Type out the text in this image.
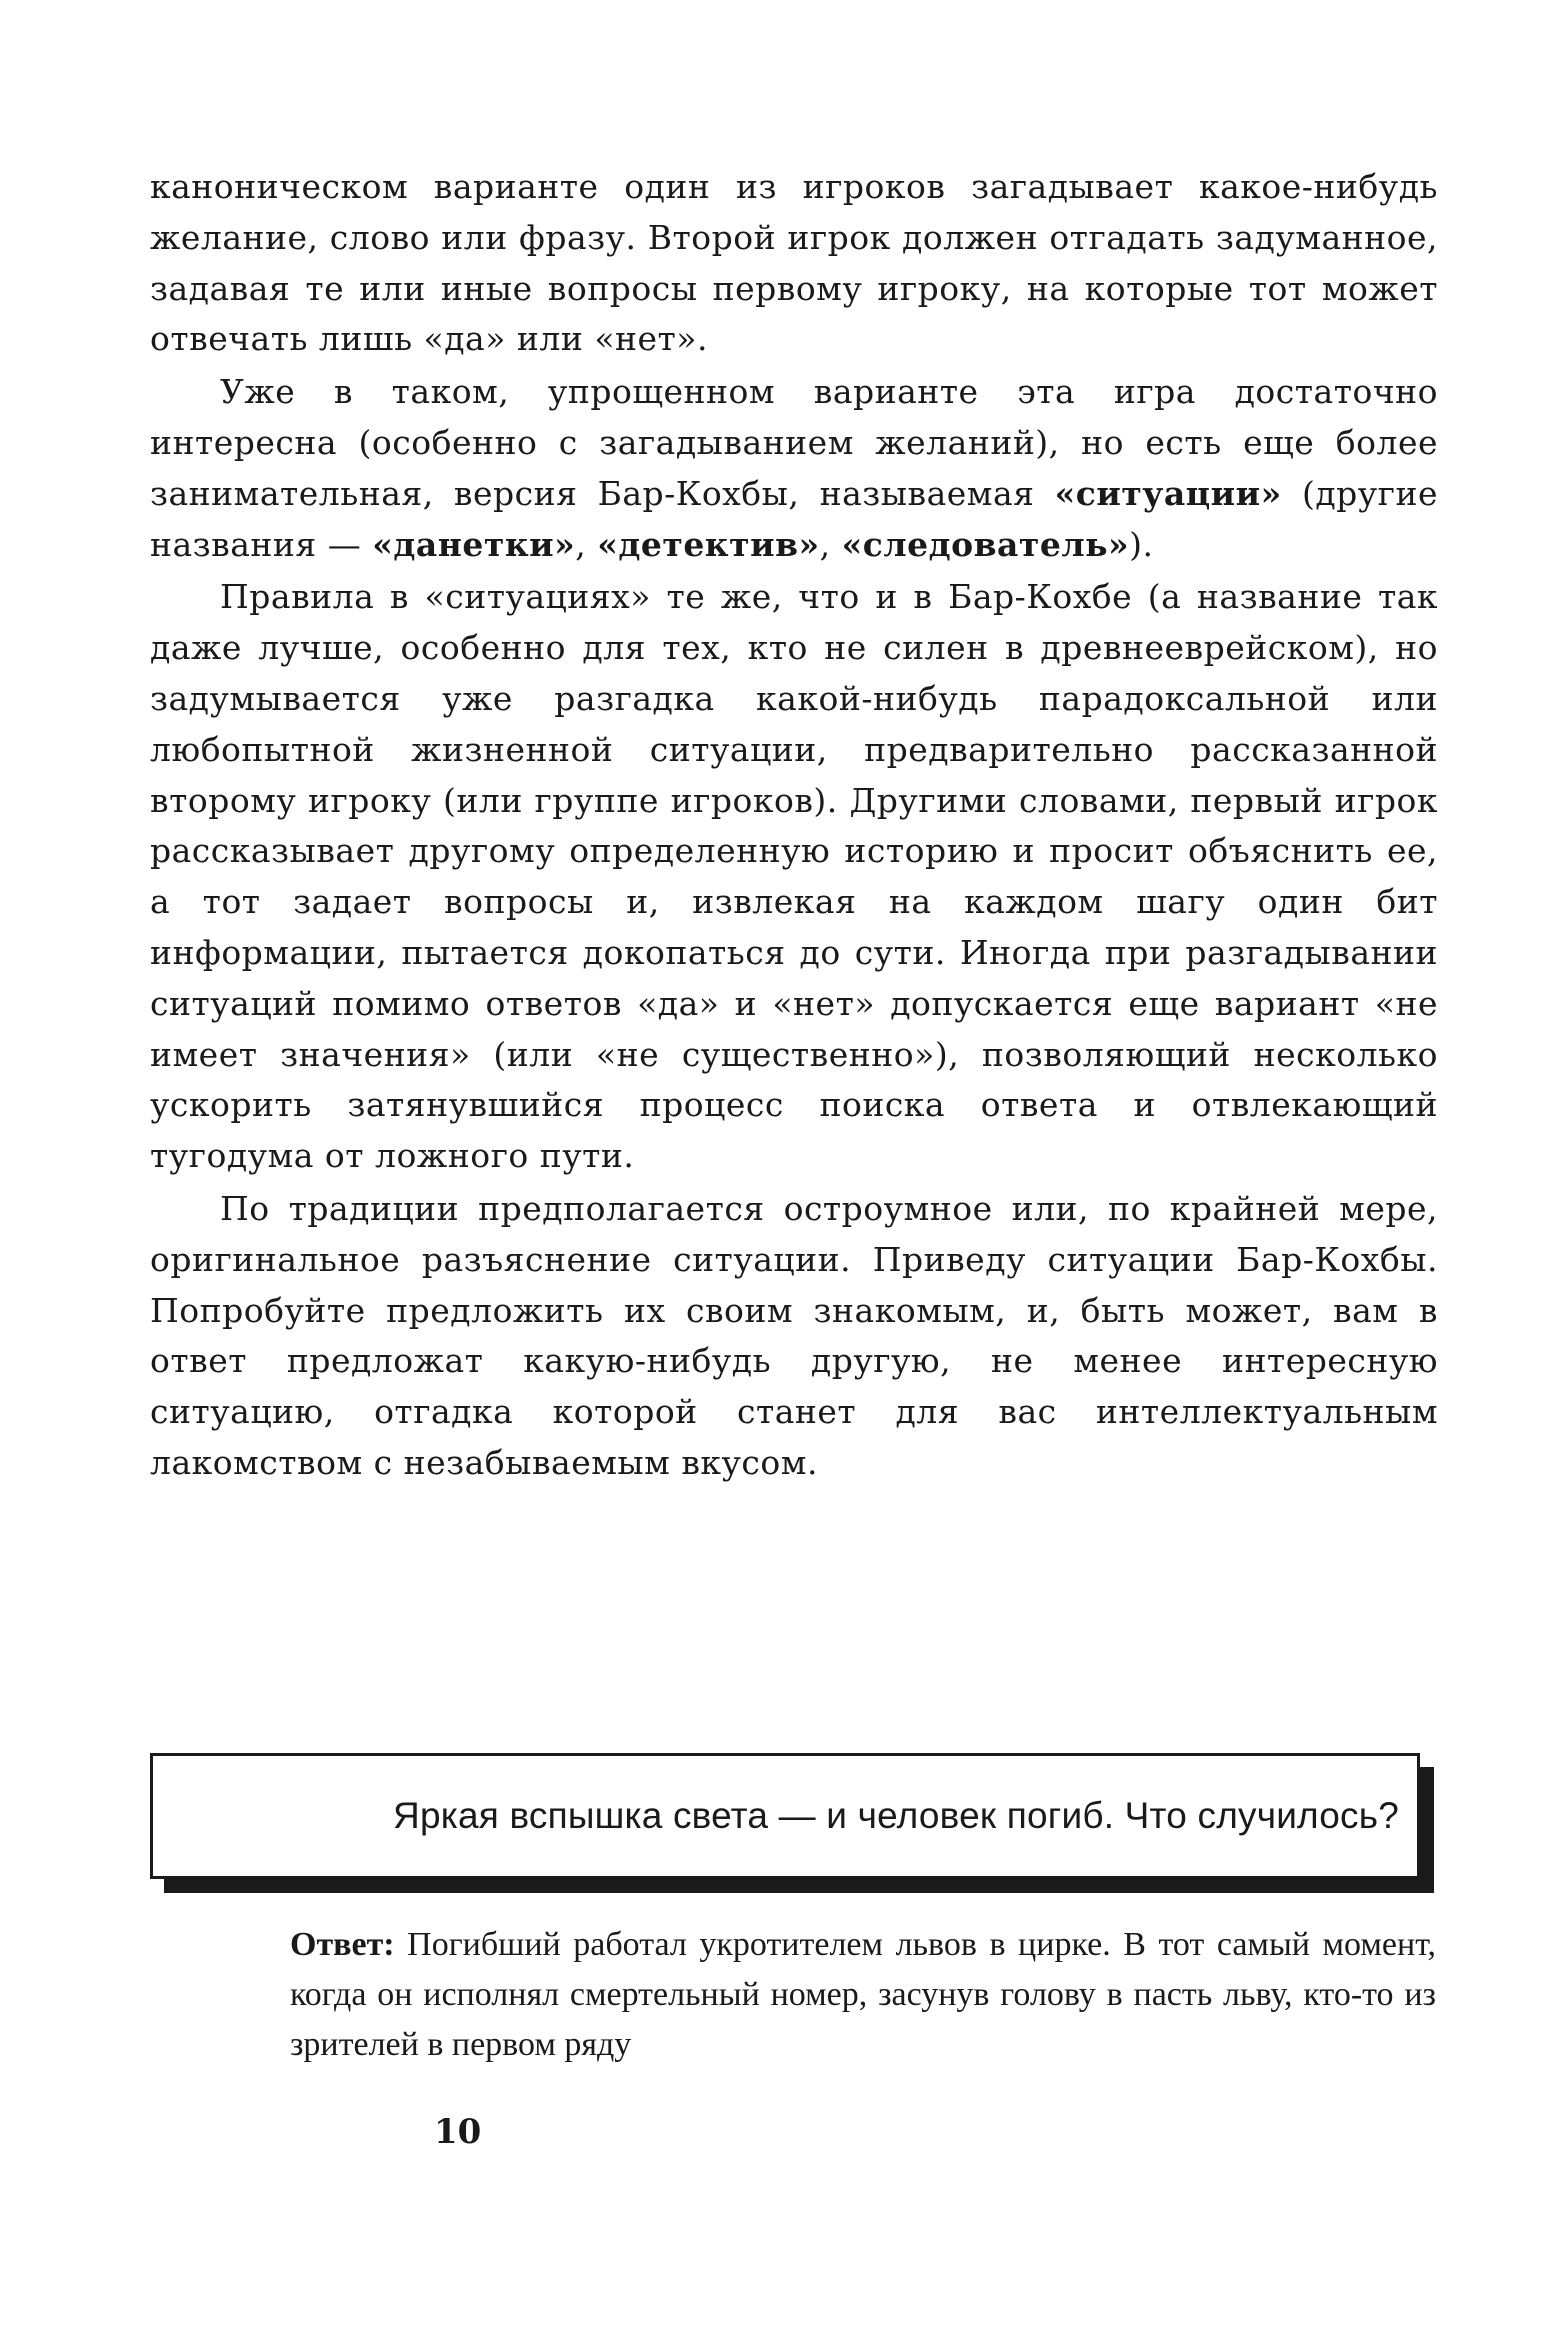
каноническом варианте один из игроков загадывает какое-нибудь желание, слово или фразу. Второй игрок должен отгадать задуманное, задавая те или иные вопросы первому игроку, на которые тот может отвечать лишь «да» или «нет».

Уже в таком, упрощенном варианте эта игра достаточно интересна (особенно с загадыванием желаний), но есть еще более занимательная, версия Бар-Кохбы, называемая «ситуации» (другие названия — «данетки», «детектив», «следователь»).

Правила в «ситуациях» те же, что и в Бар-Кохбе (а название так даже лучше, особенно для тех, кто не силен в древнееврейском), но задумывается уже разгадка какой-нибудь парадоксальной или любопытной жизненной ситуации, предварительно рассказанной второму игроку (или группе игроков). Другими словами, первый игрок рассказывает другому определенную историю и просит объяснить ее, а тот задает вопросы и, извлекая на каждом шагу один бит информации, пытается докопаться до сути. Иногда при разгадывании ситуаций помимо ответов «да» и «нет» допускается еще вариант «не имеет значения» (или «не существенно»), позволяющий несколько ускорить затянувшийся процесс поиска ответа и отвлекающий тугодума от ложного пути.

По традиции предполагается остроумное или, по крайней мере, оригинальное разъяснение ситуации. Приведу ситуации Бар-Кохбы. Попробуйте предложить их своим знакомым, и, быть может, вам в ответ предложат какую-нибудь другую, не менее интересную ситуацию, отгадка которой станет для вас интеллектуальным лакомством с незабываемым вкусом.

Яркая вспышка света — и человек погиб. Что случилось?

Ответ: Погибший работал укротителем львов в цирке. В тот самый момент, когда он исполнял смертельный номер, засунув голову в пасть льву, кто-то из зрителей в первом ряду

10
